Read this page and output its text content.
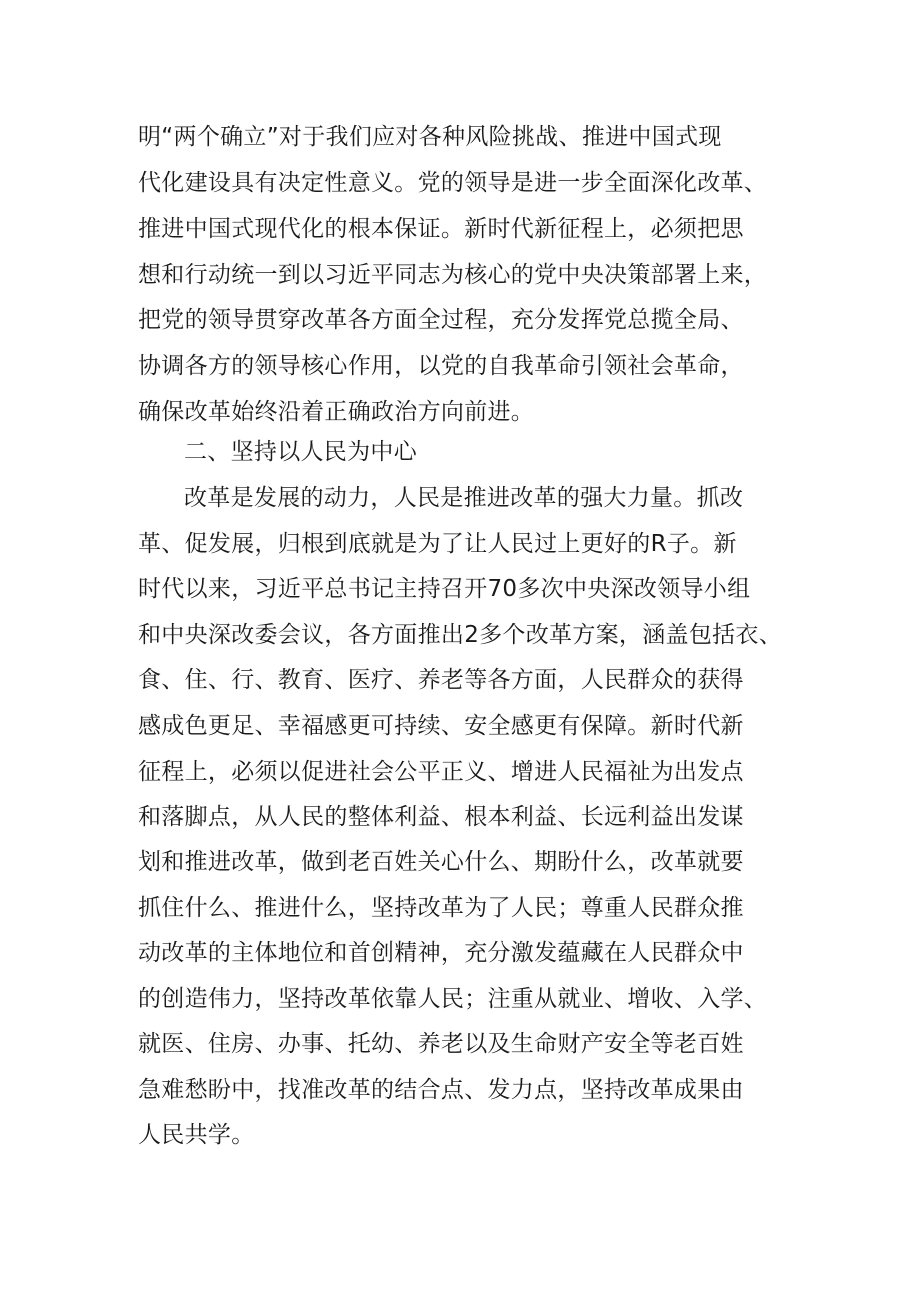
明“两个确立”对于我们应对各种风险挑战、推进中国式现
代化建设具有决定性意义。党的领导是进一步全面深化改革、
推进中国式现代化的根本保证。新时代新征程上，必须把思
想和行动统一到以习近平同志为核心的党中央决策部署上来，
把党的领导贯穿改革各方面全过程，充分发挥党总揽全局、
协调各方的领导核心作用，以党的自我革命引领社会革命，
确保改革始终沿着正确政治方向前进。
二、坚持以人民为中心
改革是发展的动力，人民是推进改革的强大力量。抓改
革、促发展，归根到底就是为了让人民过上更好的R子。新
时代以来，习近平总书记主持召开70多次中央深改领导小组
和中央深改委会议，各方面推出2多个改革方案，涵盖包括衣、
食、住、行、教育、医疗、养老等各方面，人民群众的获得
感成色更足、幸福感更可持续、安全感更有保障。新时代新
征程上，必须以促进社会公平正义、增进人民福祉为出发点
和落脚点，从人民的整体利益、根本利益、长远利益出发谋
划和推进改革，做到老百姓关心什么、期盼什么，改革就要
抓住什么、推进什么，坚持改革为了人民；尊重人民群众推
动改革的主体地位和首创精神，充分激发蕴藏在人民群众中
的创造伟力，坚持改革依靠人民；注重从就业、增收、入学、
就医、住房、办事、托幼、养老以及生命财产安全等老百姓
急难愁盼中，找准改革的结合点、发力点，坚持改革成果由
人民共学。
